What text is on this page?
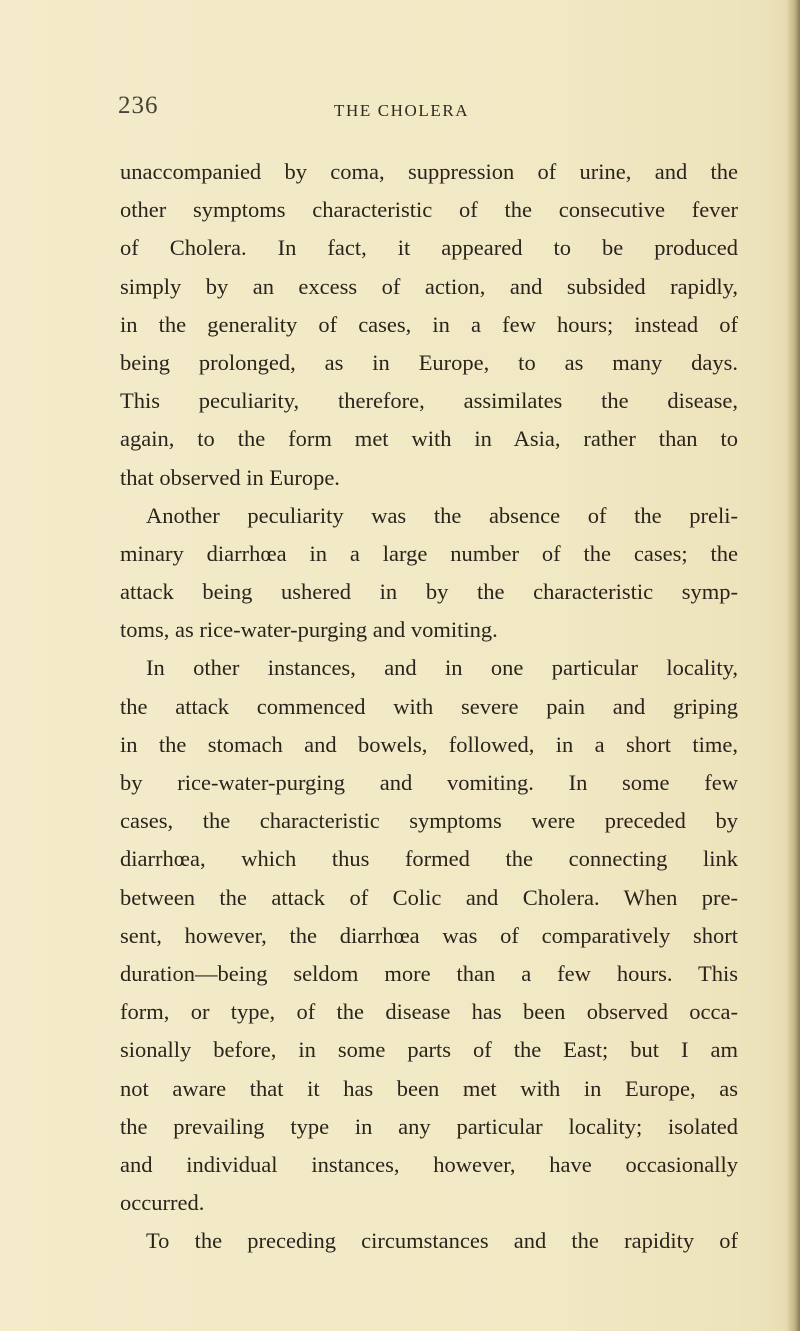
236	THE CHOLERA
unaccompanied by coma, suppression of urine, and the
other symptoms characteristic of the consecutive fever
of Cholera. In fact, it appeared to be produced
simply by an excess of action, and subsided rapidly,
in the generality of cases, in a few hours; instead of
being prolonged, as in Europe, to as many days.
This peculiarity, therefore, assimilates the disease,
again, to the form met with in Asia, rather than to
that observed in Europe.
Another peculiarity was the absence of the preli-
minary diarrhœa in a large number of the cases; the
attack being ushered in by the characteristic symp-
toms, as rice-water-purging and vomiting.
In other instances, and in one particular locality,
the attack commenced with severe pain and griping
in the stomach and bowels, followed, in a short time,
by rice-water-purging and vomiting. In some few
cases, the characteristic symptoms were preceded by
diarrhœa, which thus formed the connecting link
between the attack of Colic and Cholera. When pre-
sent, however, the diarrhœa was of comparatively short
duration—being seldom more than a few hours. This
form, or type, of the disease has been observed occa-
sionally before, in some parts of the East; but I am
not aware that it has been met with in Europe, as
the prevailing type in any particular locality; isolated
and individual instances, however, have occasionally
occurred.
To the preceding circumstances and the rapidity of
